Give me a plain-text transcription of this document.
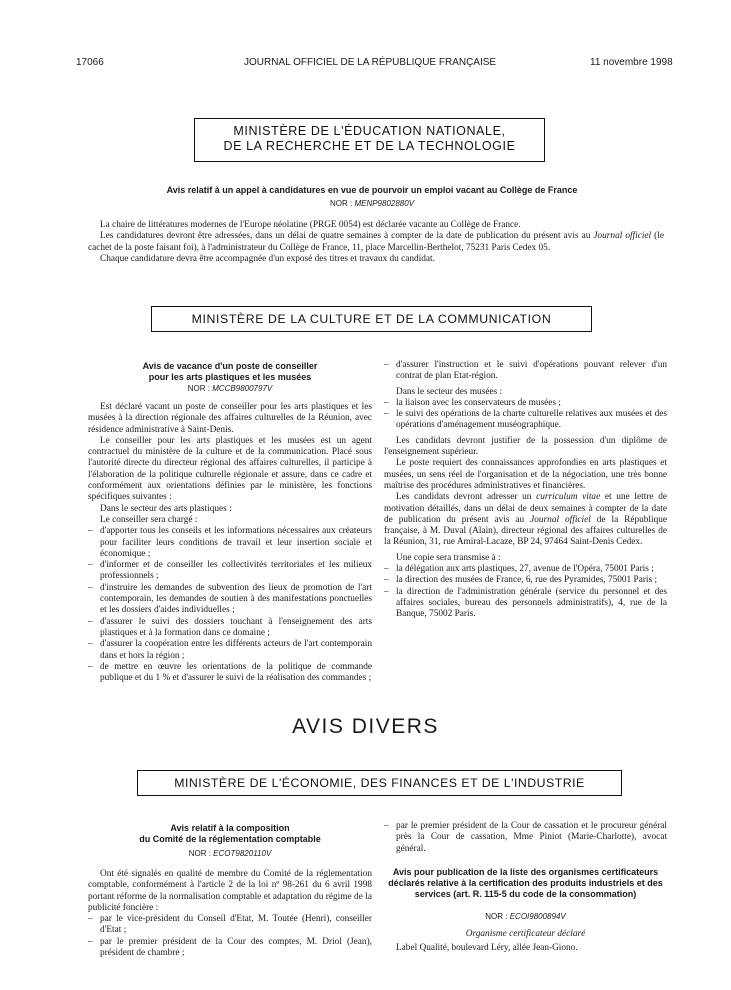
17066	JOURNAL OFFICIEL DE LA RÉPUBLIQUE FRANÇAISE	11 novembre 1998
MINISTÈRE DE L'ÉDUCATION NATIONALE,
DE LA RECHERCHE ET DE LA TECHNOLOGIE
Avis relatif à un appel à candidatures en vue de pourvoir un emploi vacant au Collège de France
NOR : MENP9802880V

La chaire de littératures modernes de l'Europe néolatine (PRGE 0054) est déclarée vacante au Collège de France.

Les candidatures devront être adressées, dans un délai de quatre semaines à compter de la date de publication du présent avis au Journal officiel (le cachet de la poste faisant foi), à l'administrateur du Collège de France, 11, place Marcellin-Berthelot, 75231 Paris Cedex 05.

Chaque candidature devra être accompagnée d'un exposé des titres et travaux du candidat.

MINISTÈRE DE LA CULTURE ET DE LA COMMUNICATION
Avis de vacance d'un poste de conseiller
pour les arts plastiques et les musées
NOR : MCCB9800797V

Est déclaré vacant un poste de conseiller pour les arts plastiques et les musées à la direction régionale des affaires culturelles de la Réunion, avec résidence administrative à Saint-Denis.

Le conseiller pour les arts plastiques et les musées est un agent contractuel du ministère de la culture et de la communication. Placé sous l'autorité directe du directeur régional des affaires culturelles, il participe à l'élaboration de la politique culturelle régionale et assure, dans ce cadre et conformément aux orientations définies par le ministère, les fonctions spécifiques suivantes :

Dans le secteur des arts plastiques :

Le conseiller sera chargé :

– d'apporter tous les conseils et les informations nécessaires aux créateurs pour faciliter leurs conditions de travail et leur insertion sociale et économique ;
– d'informer et de conseiller les collectivités territoriales et les milieux professionnels ;
– d'instruire les demandes de subvention des lieux de promotion de l'art contemporain, les demandes de soutien à des manifestations ponctuelles et les dossiers d'aides individuelles ;
– d'assurer le suivi des dossiers touchant à l'enseignement des arts plastiques et à la formation dans ce domaine ;
– d'assurer la coopération entre les différents acteurs de l'art contemporain dans et hors la région ;
– de mettre en œuvre les orientations de la politique de commande publique et du 1 % et d'assurer le suivi de la réalisation des commandes ;
– d'assurer l'instruction et le suivi d'opérations pouvant relever d'un contrat de plan Etat-région.

Dans le secteur des musées :

– la liaison avec les conservateurs de musées ;
– le suivi des opérations de la charte culturelle relatives aux musées et des opérations d'aménagement muséographique.

Les candidats devront justifier de la possession d'un diplôme de l'enseignement supérieur.

Le poste requiert des connaissances approfondies en arts plastiques et musées, un sens réel de l'organisation et de la négociation, une très bonne maîtrise des procédures administratives et financières.

Les candidats devront adresser un curriculum vitae et une lettre de motivation détaillés, dans un délai de deux semaines à compter de la date de publication du présent avis au Journal officiel de la République française, à M. Duval (Alain), directeur régional des affaires culturelles de la Réunion, 31, rue Amiral-Lacaze, BP 24, 97464 Saint-Denis Cedex.

Une copie sera transmise à :

– la délégation aux arts plastiques, 27, avenue de l'Opéra, 75001 Paris ;
– la direction des musées de France, 6, rue des Pyramides, 75001 Paris ;
– la direction de l'administration générale (service du personnel et des affaires sociales, bureau des personnels administratifs), 4, rue de la Banque, 75002 Paris.
AVIS DIVERS
MINISTÈRE DE L'ÉCONOMIE, DES FINANCES ET DE L'INDUSTRIE
Avis relatif à la composition
du Comité de la réglementation comptable
NOR : ECOT9820110V

Ont été signalés en qualité de membre du Comité de la réglementation comptable, conformément à l'article 2 de la loi nº 98-261 du 6 avril 1998 portant réforme de la normalisation comptable et adaptation du régime de la publicité foncière :

– par le vice-président du Conseil d'Etat, M. Toutée (Henri), conseiller d'Etat ;
– par le premier président de la Cour des comptes, M. Driol (Jean), président de chambre ;
– par le premier président de la Cour de cassation et le procureur général près la Cour de cassation, Mme Piniot (Marie-Charlotte), avocat général.
Avis pour publication de la liste des organismes certificateurs déclarés relative à la certification des produits industriels et des services (art. R. 115-5 du code de la consommation)
NOR : ECOI9800894V
Organisme certificateur déclaré

Label Qualité, boulevard Léry, allée Jean-Giono.
